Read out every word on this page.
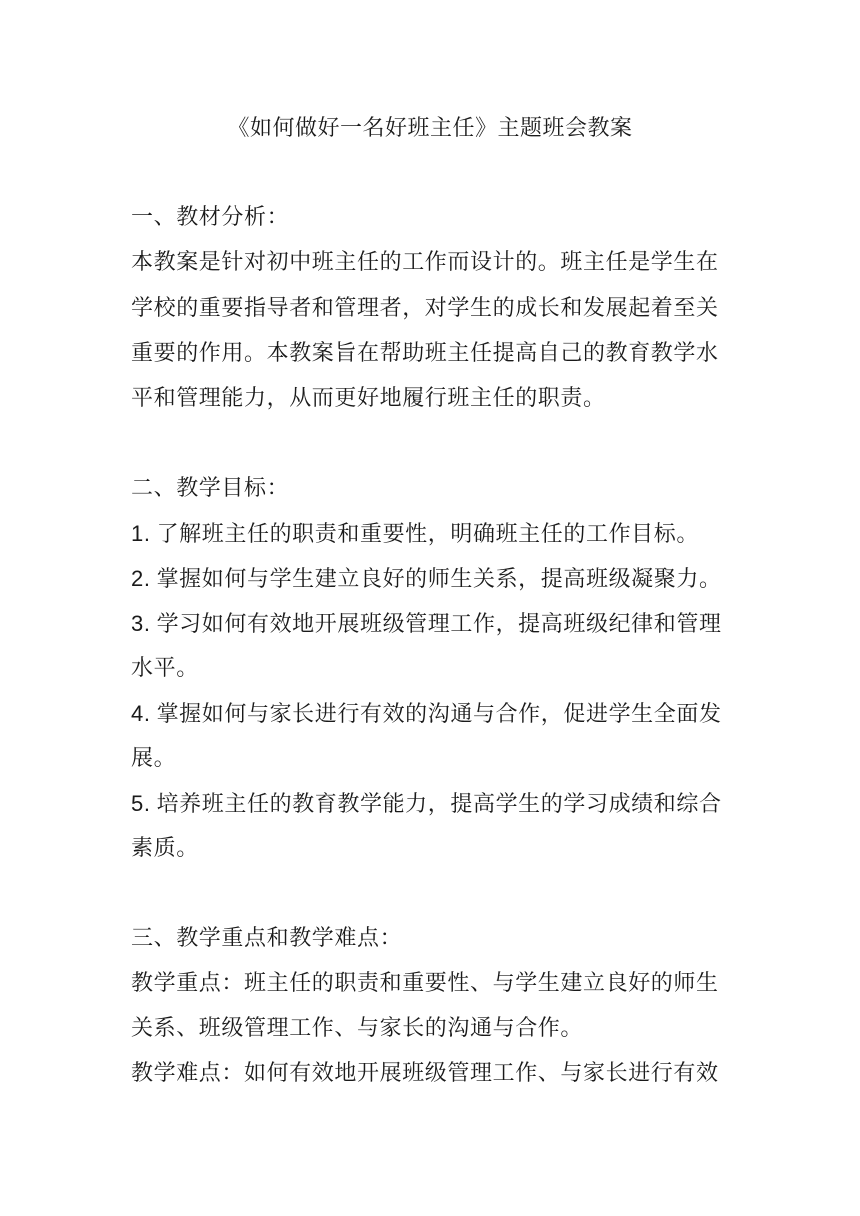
《如何做好一名好班主任》主题班会教案
一、教材分析：
本教案是针对初中班主任的工作而设计的。班主任是学生在
学校的重要指导者和管理者，对学生的成长和发展起着至关
重要的作用。本教案旨在帮助班主任提高自己的教育教学水
平和管理能力，从而更好地履行班主任的职责。
二、教学目标：
1. 了解班主任的职责和重要性，明确班主任的工作目标。
2. 掌握如何与学生建立良好的师生关系，提高班级凝聚力。
3. 学习如何有效地开展班级管理工作，提高班级纪律和管理
水平。
4. 掌握如何与家长进行有效的沟通与合作，促进学生全面发
展。
5. 培养班主任的教育教学能力，提高学生的学习成绩和综合
素质。
三、教学重点和教学难点：
教学重点：班主任的职责和重要性、与学生建立良好的师生
关系、班级管理工作、与家长的沟通与合作。
教学难点：如何有效地开展班级管理工作、与家长进行有效
